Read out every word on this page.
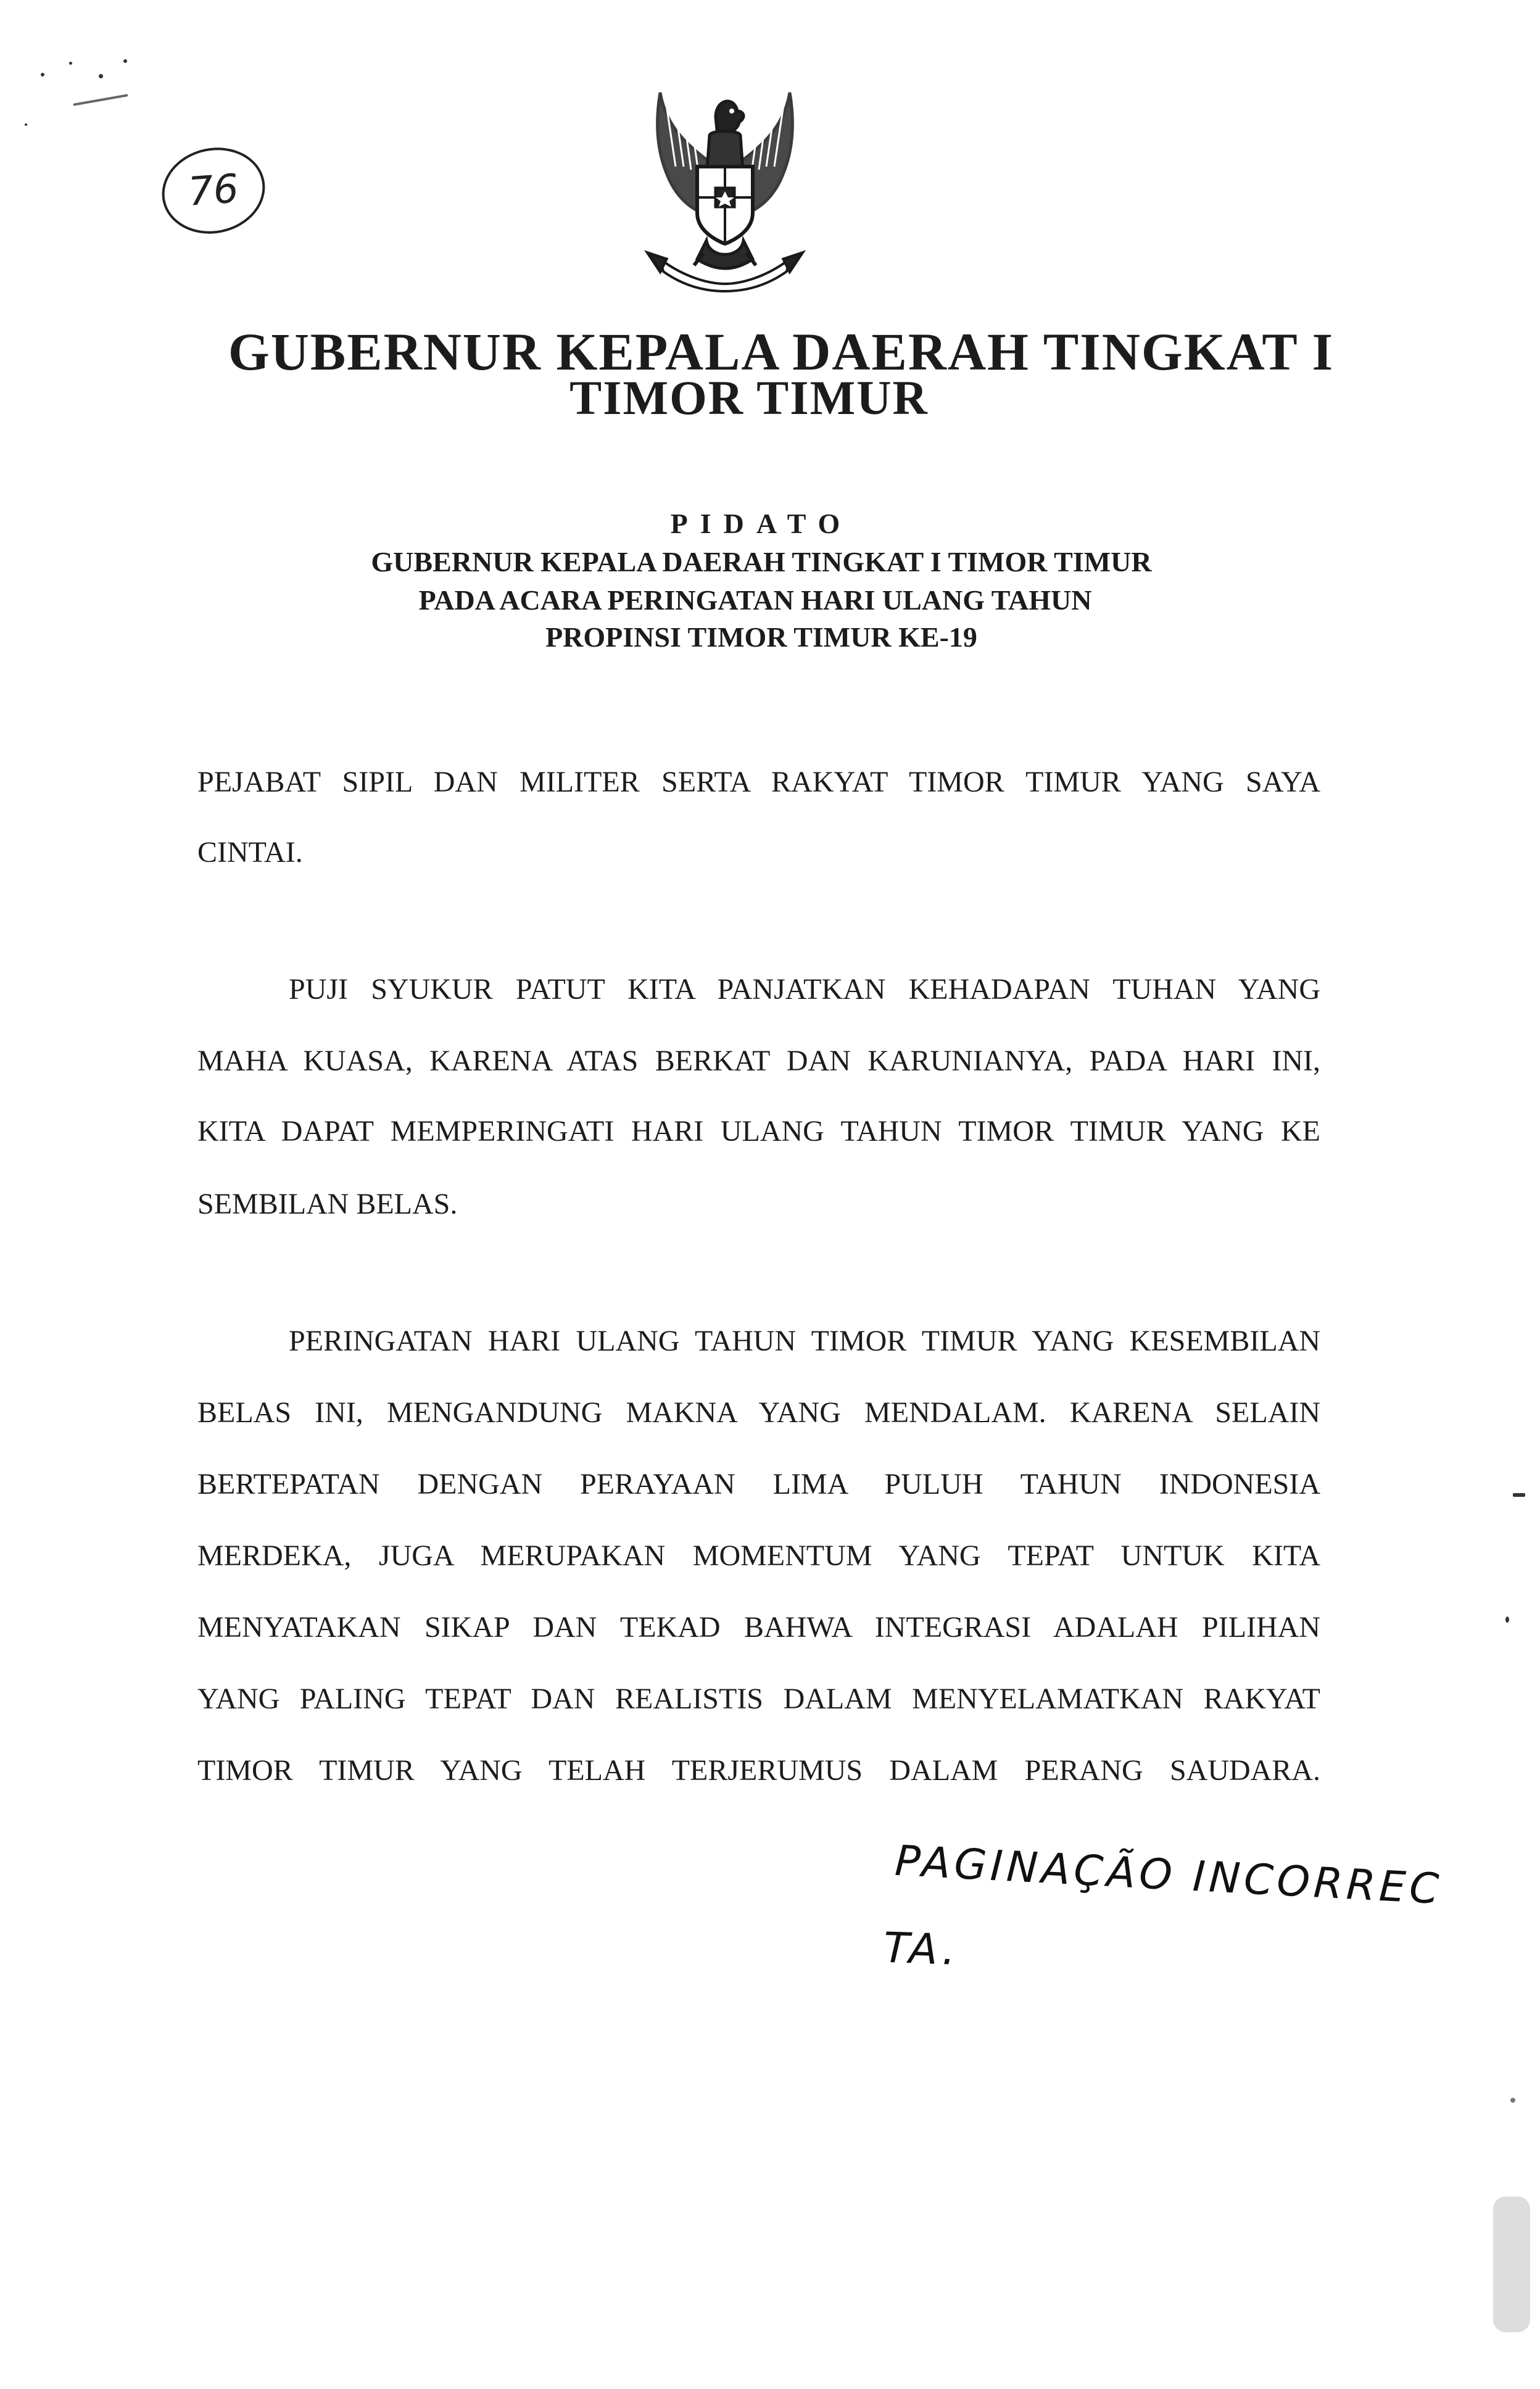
76
GUBERNUR KEPALA DAERAH TINGKAT I
TIMOR TIMUR
PIDATO
GUBERNUR KEPALA DAERAH TINGKAT I TIMOR TIMUR
PADA ACARA PERINGATAN HARI ULANG TAHUN
PROPINSI TIMOR TIMUR KE-19
PEJABAT SIPIL DAN MILITER SERTA RAKYAT TIMOR TIMUR YANG SAYA
CINTAI.
PUJI SYUKUR PATUT KITA PANJATKAN KEHADAPAN TUHAN YANG
MAHA KUASA, KARENA ATAS BERKAT DAN KARUNIANYA, PADA HARI INI,
KITA DAPAT MEMPERINGATI HARI ULANG TAHUN TIMOR TIMUR YANG KE
SEMBILAN BELAS.
PERINGATAN HARI ULANG TAHUN TIMOR TIMUR YANG KESEMBILAN
BELAS INI, MENGANDUNG MAKNA YANG MENDALAM. KARENA SELAIN
BERTEPATAN DENGAN PERAYAAN LIMA PULUH TAHUN INDONESIA
MERDEKA, JUGA MERUPAKAN MOMENTUM YANG TEPAT UNTUK KITA
MENYATAKAN SIKAP DAN TEKAD BAHWA INTEGRASI ADALAH PILIHAN
YANG PALING TEPAT DAN REALISTIS DALAM MENYELAMATKAN RAKYAT
TIMOR TIMUR YANG TELAH TERJERUMUS DALAM PERANG SAUDARA.
PAGINAÇÃO INCORREC
TA.
